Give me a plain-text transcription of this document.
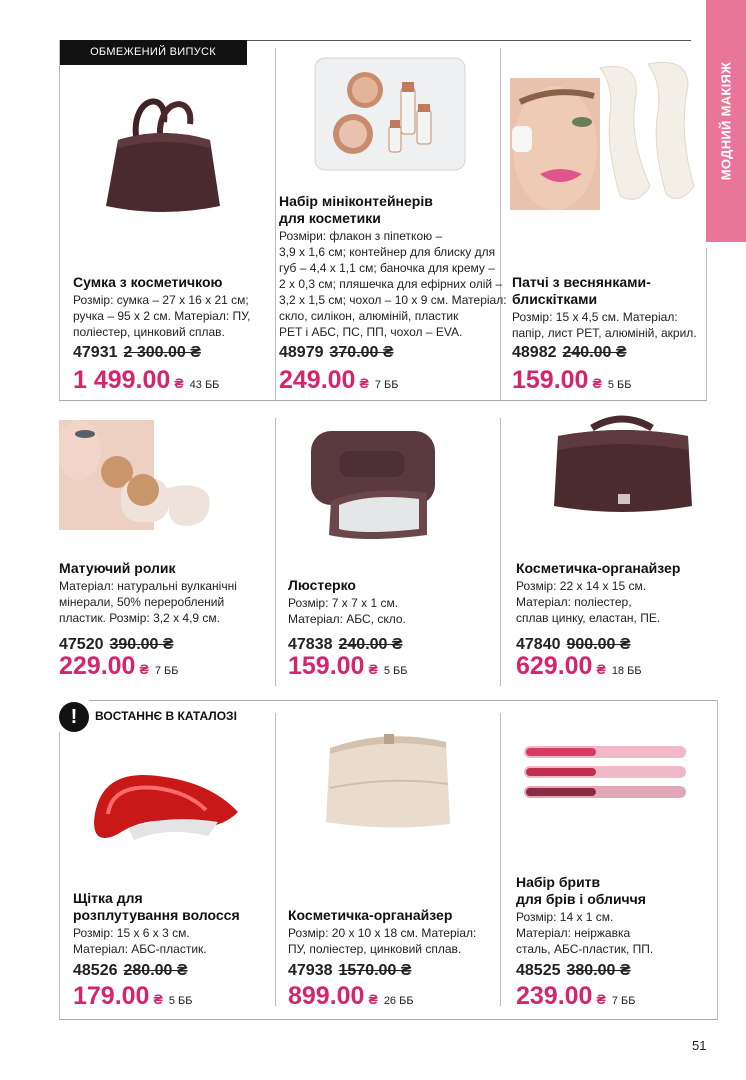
МОДНИЙ МАКІЯЖ
ОБМЕЖЕНИЙ ВИПУСК
!	ВОСТАННЄ В КАТАЛОЗІ
Сумка з косметичкою
Розмір: сумка – 27 х 16 х 21 см;
ручка – 95 х 2 см. Матеріал: ПУ,
поліестер, цинковий сплав.
47931 2 300.00 ₴
1 499.00 ₴ 43 ББ
Набір мініконтейнерів
для косметики
Розміри: флакон з піпеткою –
3,9 х 1,6 см; контейнер для блиску для
губ – 4,4 х 1,1 см; баночка для крему –
2 х 0,3 см; пляшечка для ефірних олій –
3,2 х 1,5 см; чохол – 10 х 9 см. Матеріал:
скло, силікон, алюміній, пластик
PET і АБС, ПС, ПП, чохол – EVA.
48979 370.00 ₴
249.00 ₴ 7 ББ
Патчі з веснянками-
блискітками
Розмір: 15 х 4,5 см. Матеріал:
папір, лист PET, алюміній, акрил.
48982 240.00 ₴
159.00 ₴ 5 ББ
Матуючий ролик
Матеріал: натуральні вулканічні
мінерали, 50% перероблений
пластик. Розмір: 3,2 х 4,9 см.
47520 390.00 ₴
229.00 ₴ 7 ББ
Люстерко
Розмір: 7 х 7 х 1 см.
Матеріал: АБС, скло.
47838 240.00 ₴
159.00 ₴ 5 ББ
Косметичка-органайзер
Розмір: 22 х 14 х 15 см.
Матеріал: поліестер,
сплав цинку, еластан, ПЕ.
47840 900.00 ₴
629.00 ₴ 18 ББ
Щітка для
розплутування волосся
Розмір: 15 х 6 х 3 см.
Матеріал: АБС-пластик.
48526 280.00 ₴
179.00 ₴ 5 ББ
Косметичка-органайзер
Розмір: 20 х 10 х 18 см. Матеріал:
ПУ, поліестер, цинковий сплав.
47938 1570.00 ₴
899.00 ₴ 26 ББ
Набір бритв
для брів і обличчя
Розмір: 14 х 1 см.
Матеріал: неіржавка
сталь, АБС-пластик, ПП.
48525 380.00 ₴
239.00 ₴ 7 ББ
51
